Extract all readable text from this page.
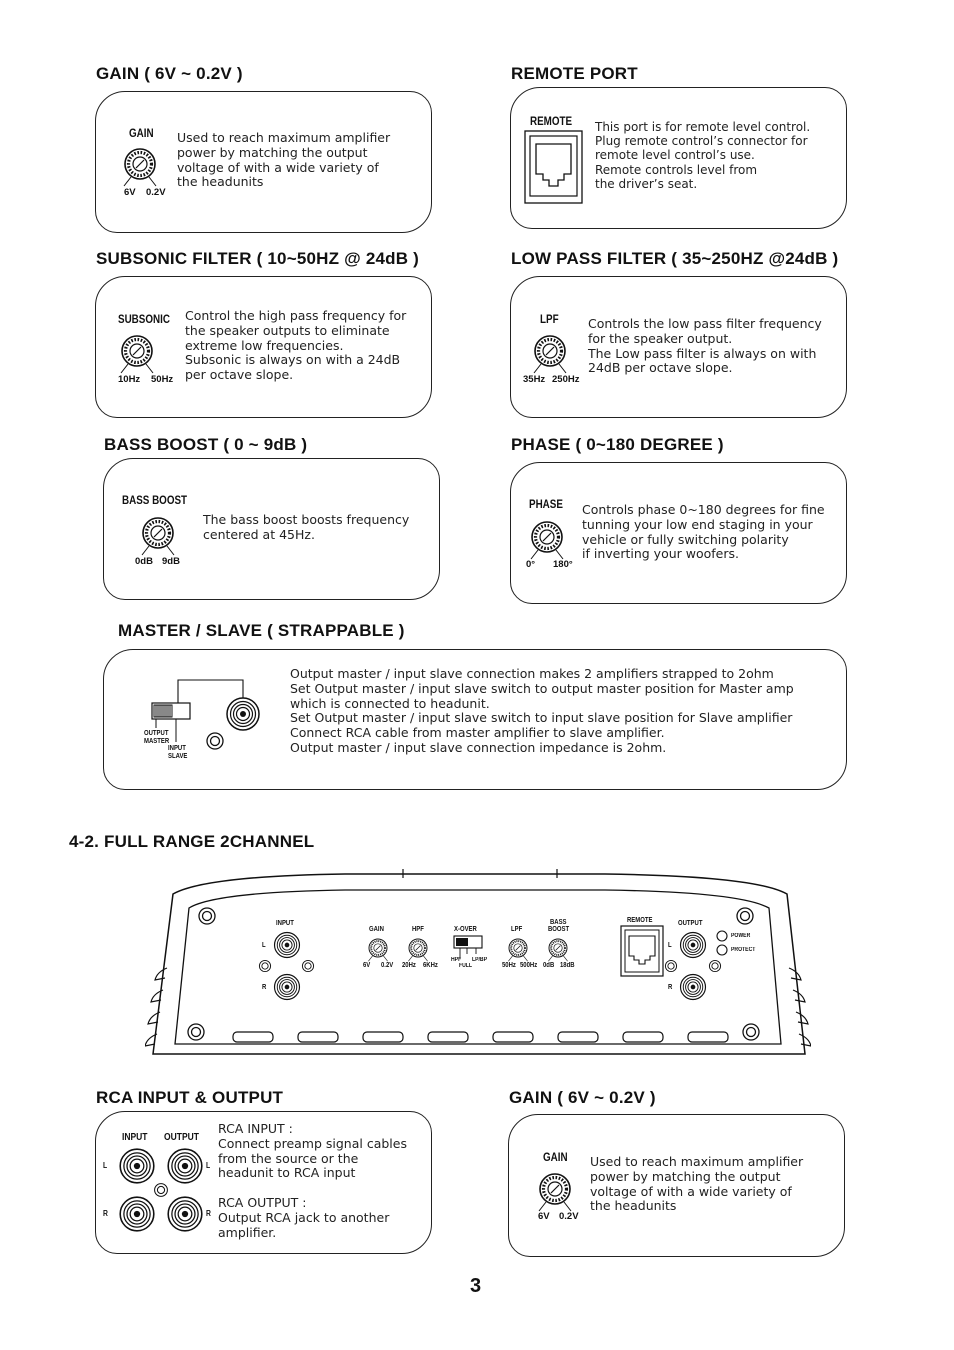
GAIN ( 6V ~ 0.2V )
GAIN
6V 0.2V
Used to reach maximum amplifier
power by matching the output
voltage of with a wide variety of
the headunits
REMOTE PORT
REMOTE This port is for remote level control.
Plug remote control’s connector for
remote level control’s use.
Remote controls level from
the driver’s seat.
SUBSONIC FILTER ( 10~50HZ @ 24dB )
SUBSONIC
10Hz 50Hz
Control the high pass frequency for
the speaker outputs to eliminate
extreme low frequencies.
Subsonic is always on with a 24dB
per octave slope.
LOW PASS FILTER ( 35~250HZ @24dB )
LPF
35Hz 250Hz
Controls the low pass filter frequency
for the speaker output.
The Low pass filter is always on with
24dB per octave slope.
BASS BOOST ( 0 ~ 9dB )
BASS BOOST
0dB 9dB
The bass boost boosts frequency
centered at 45Hz.
PHASE ( 0~180 DEGREE )
PHASE
0° 180°
Controls phase 0~180 degrees for fine
tunning your low end staging in your
vehicle or fully switching polarity
if inverting your woofers.
MASTER / SLAVE ( STRAPPABLE )
OUTPUT
MASTER
INPUT
SLAVE
Output master / input slave connection makes 2 amplifiers strapped to 2ohm
Set Output master / input slave switch to output master position for Master amp
which is connected to headunit.
Set Output master / input slave switch to input slave position for Slave amplifier
Connect RCA cable from master amplifier to slave amplifier.
Output master / input slave connection impedance is 2ohm.
4-2. FULL RANGE 2CHANNEL
INPUT
L
R
GAIN
6V 0.2V
HPF
20Hz 6KHz
X-OVER
HPF
FULL
LP/BP
LPF
50Hz 500Hz
BASS
BOOST
0dB 18dB
REMOTE	OUTPUT
L
R
POWER
PROTECT
RCA INPUT & OUTPUT
INPUT OUTPUT
L	L
R	R
RCA INPUT :
Connect preamp signal cables
from the source or the
headunit to RCA input

RCA OUTPUT :
Output RCA jack to another
amplifier.
GAIN ( 6V ~ 0.2V )
GAIN
6V 0.2V
Used to reach maximum amplifier
power by matching the output
voltage of with a wide variety of
the headunits
3
